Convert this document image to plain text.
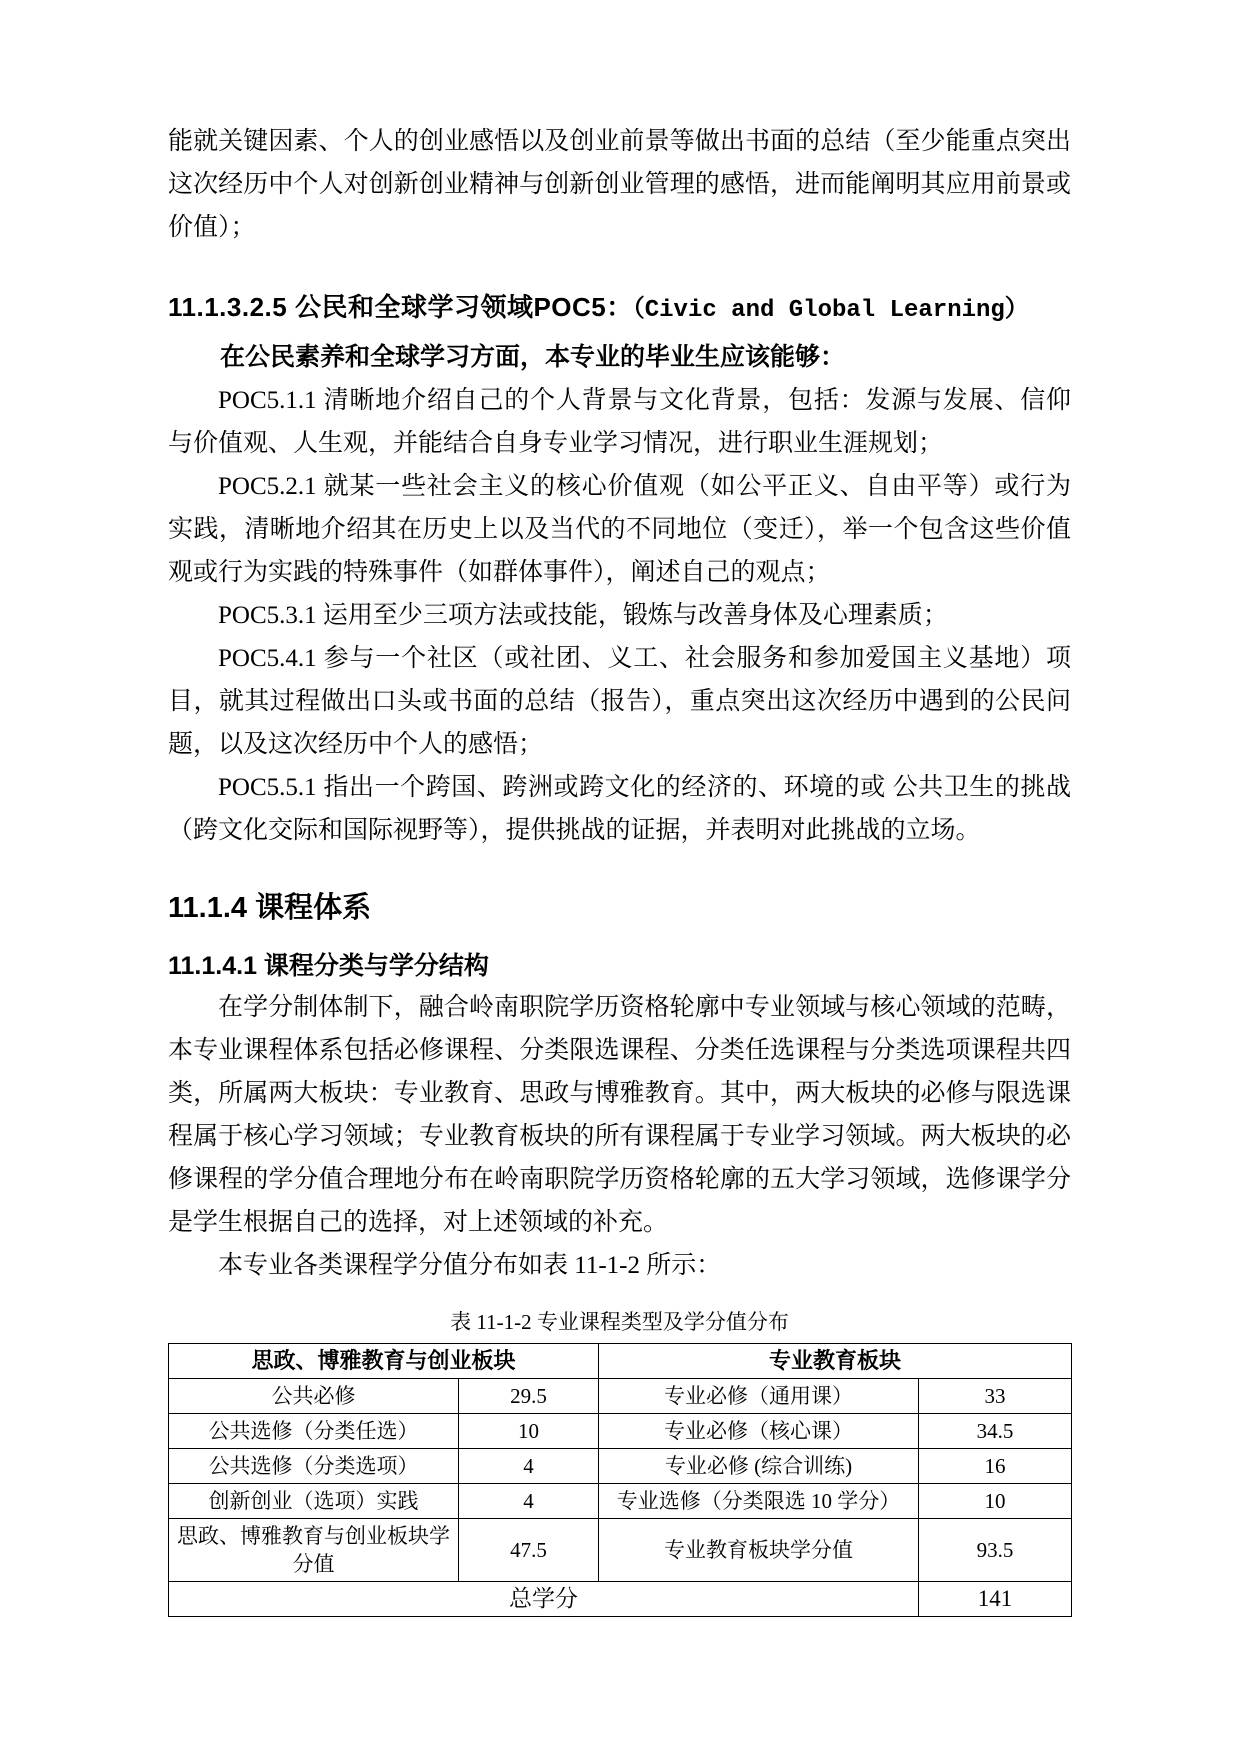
能就关键因素、个人的创业感悟以及创业前景等做出书面的总结（至少能重点突出这次经历中个人对创新创业精神与创新创业管理的感悟，进而能阐明其应用前景或价值）；

11.1.3.2.5 公民和全球学习领域POC5：（Civic and Global Learning）

在公民素养和全球学习方面，本专业的毕业生应该能够：

POC5.1.1 清晰地介绍自己的个人背景与文化背景，包括：发源与发展、信仰与价值观、人生观，并能结合自身专业学习情况，进行职业生涯规划；

POC5.2.1 就某一些社会主义的核心价值观（如公平正义、自由平等）或行为实践，清晰地介绍其在历史上以及当代的不同地位（变迁），举一个包含这些价值观或行为实践的特殊事件（如群体事件），阐述自己的观点；

POC5.3.1 运用至少三项方法或技能，锻炼与改善身体及心理素质；

POC5.4.1 参与一个社区（或社团、义工、社会服务和参加爱国主义基地）项目，就其过程做出口头或书面的总结（报告），重点突出这次经历中遇到的公民问题，以及这次经历中个人的感悟；

POC5.5.1 指出一个跨国、跨洲或跨文化的经济的、环境的或 公共卫生的挑战（跨文化交际和国际视野等），提供挑战的证据，并表明对此挑战的立场。

11.1.4 课程体系
11.1.4.1 课程分类与学分结构

在学分制体制下，融合岭南职院学历资格轮廓中专业领域与核心领域的范畴，本专业课程体系包括必修课程、分类限选课程、分类任选课程与分类选项课程共四类，所属两大板块：专业教育、思政与博雅教育。其中，两大板块的必修与限选课程属于核心学习领域；专业教育板块的所有课程属于专业学习领域。两大板块的必修课程的学分值合理地分布在岭南职院学历资格轮廓的五大学习领域，选修课学分是学生根据自己的选择，对上述领域的补充。

本专业各类课程学分值分布如表 11-1-2 所示：

表 11-1-2 专业课程类型及学分值分布
思政、博雅教育与创业板块		专业教育板块	
公共必修	29.5	专业必修（通用课）	33
公共选修（分类任选）	10	专业必修（核心课）	34.5
公共选修（分类选项）	4	专业必修 (综合训练)	16
创新创业（选项）实践	4	专业选修（分类限选 10 学分）	10
思政、博雅教育与创业板块学分值	47.5	专业教育板块学分值	93.5
总学分			141
